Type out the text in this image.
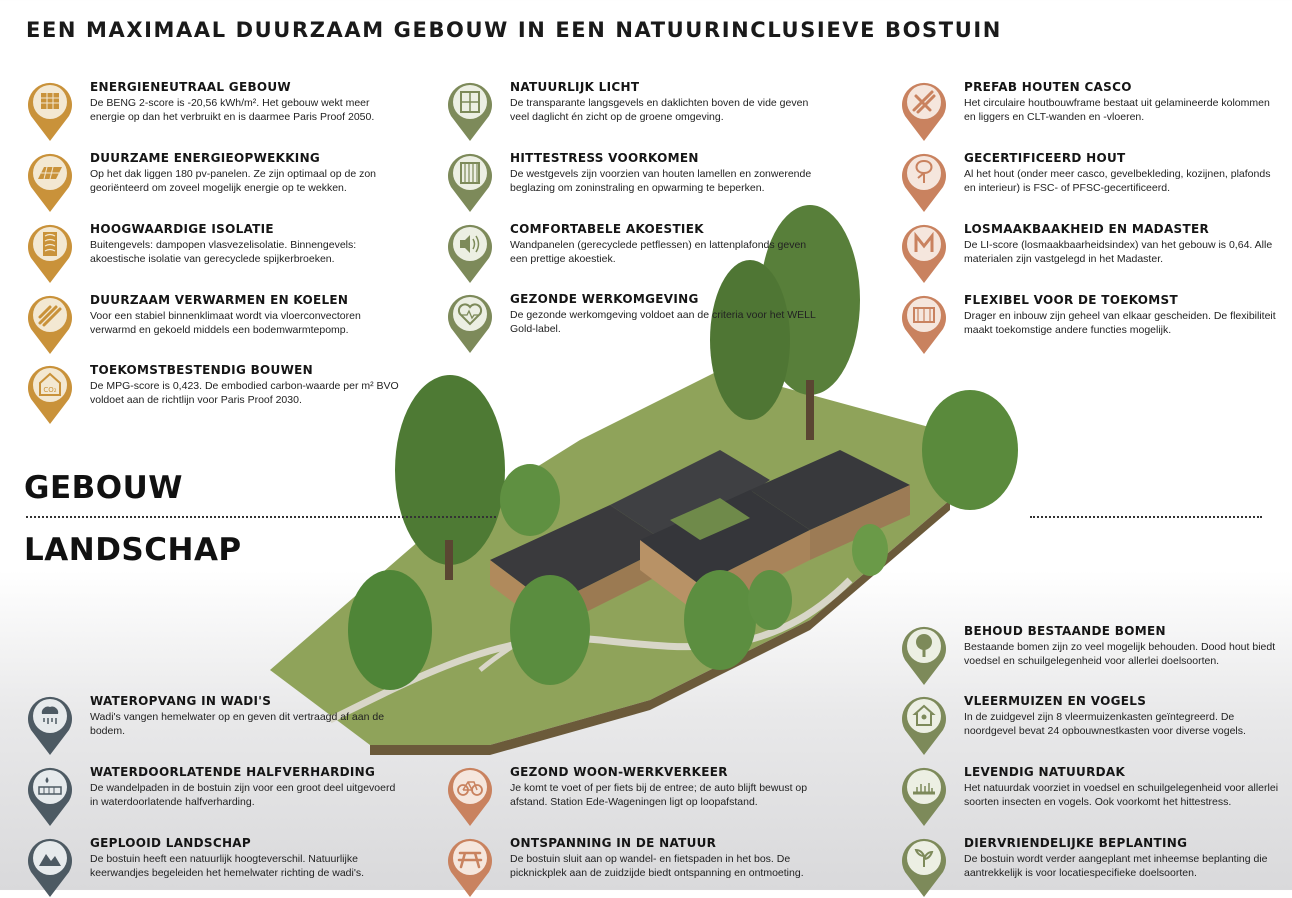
EEN MAXIMAAL DUURZAAM GEBOUW IN EEN NATUURINCLUSIEVE BOSTUIN
GEBOUW
LANDSCHAP
ENERGIENEUTRAAL GEBOUW
De BENG 2-score is -20,56 kWh/m². Het gebouw wekt meer energie op dan het verbruikt en is daarmee Paris Proof 2050.
DUURZAME ENERGIEOPWEKKING
Op het dak liggen 180 pv-panelen. Ze zijn optimaal op de zon georiënteerd om zoveel mogelijk energie op te wekken.
HOOGWAARDIGE ISOLATIE
Buitengevels: dampopen vlasvezelisolatie. Binnengevels: akoestische isolatie van gerecyclede spijkerbroeken.
DUURZAAM VERWARMEN EN KOELEN
Voor een stabiel binnenklimaat wordt via vloerconvectoren verwarmd en gekoeld middels een bodemwarmtepomp.
CO₂
TOEKOMSTBESTENDIG BOUWEN
De MPG-score is 0,423. De embodied carbon-waarde per m² BVO voldoet aan de richtlijn voor Paris Proof 2030.
NATUURLIJK LICHT
De transparante langsgevels en daklichten boven de vide geven veel daglicht én zicht op de groene omgeving.
HITTESTRESS VOORKOMEN
De westgevels zijn voorzien van houten lamellen en zonwerende beglazing om zoninstraling en opwarming te beperken.
COMFORTABELE AKOESTIEK
Wandpanelen (gerecyclede petflessen) en lattenplafonds geven een prettige akoestiek.
GEZONDE WERKOMGEVING
De gezonde werkomgeving voldoet aan de criteria voor het WELL Gold-label.
PREFAB HOUTEN CASCO
Het circulaire houtbouwframe bestaat uit gelamineerde kolommen en liggers en CLT-wanden en -vloeren.
GECERTIFICEERD HOUT
Al het hout (onder meer casco, gevelbekleding, kozijnen, plafonds en interieur) is FSC- of PFSC-gecertificeerd.
LOSMAAKBAAKHEID EN MADASTER
De LI-score (losmaakbaarheidsindex) van het gebouw is 0,64. Alle materialen zijn vastgelegd in het Madaster.
FLEXIBEL VOOR DE TOEKOMST
Drager en inbouw zijn geheel van elkaar gescheiden. De flexibiliteit maakt toekomstige andere functies mogelijk.
BEHOUD BESTAANDE BOMEN
Bestaande bomen zijn zo veel mogelijk behouden. Dood hout biedt voedsel en schuilgelegenheid voor allerlei doelsoorten.
VLEERMUIZEN EN VOGELS
In de zuidgevel zijn 8 vleermuizenkasten geïntegreerd. De noordgevel bevat 24 opbouwnestkasten voor diverse vogels.
LEVENDIG NATUURDAK
Het natuurdak voorziet in voedsel en schuilgelegenheid voor allerlei soorten insecten en vogels. Ook voorkomt het hittestress.
DIERVRIENDELIJKE BEPLANTING
De bostuin wordt verder aangeplant met inheemse beplanting die aantrekkelijk is voor locatiespecifieke doelsoorten.
WATEROPVANG IN WADI'S
Wadi's vangen hemelwater op en geven dit vertraagd af aan de bodem.
WATERDOORLATENDE HALFVERHARDING
De wandelpaden in de bostuin zijn voor een groot deel uitgevoerd in waterdoorlatende halfverharding.
GEPLOOID LANDSCHAP
De bostuin heeft een natuurlijk hoogteverschil. Natuurlijke keerwandjes begeleiden het hemelwater richting de wadi's.
GEZOND WOON-WERKVERKEER
Je komt te voet of per fiets bij de entree; de auto blijft bewust op afstand. Station Ede-Wageningen ligt op loopafstand.
ONTSPANNING IN DE NATUUR
De bostuin sluit aan op wandel- en fietspaden in het bos. De picknickplek aan de zuidzijde biedt ontspanning en ontmoeting.
